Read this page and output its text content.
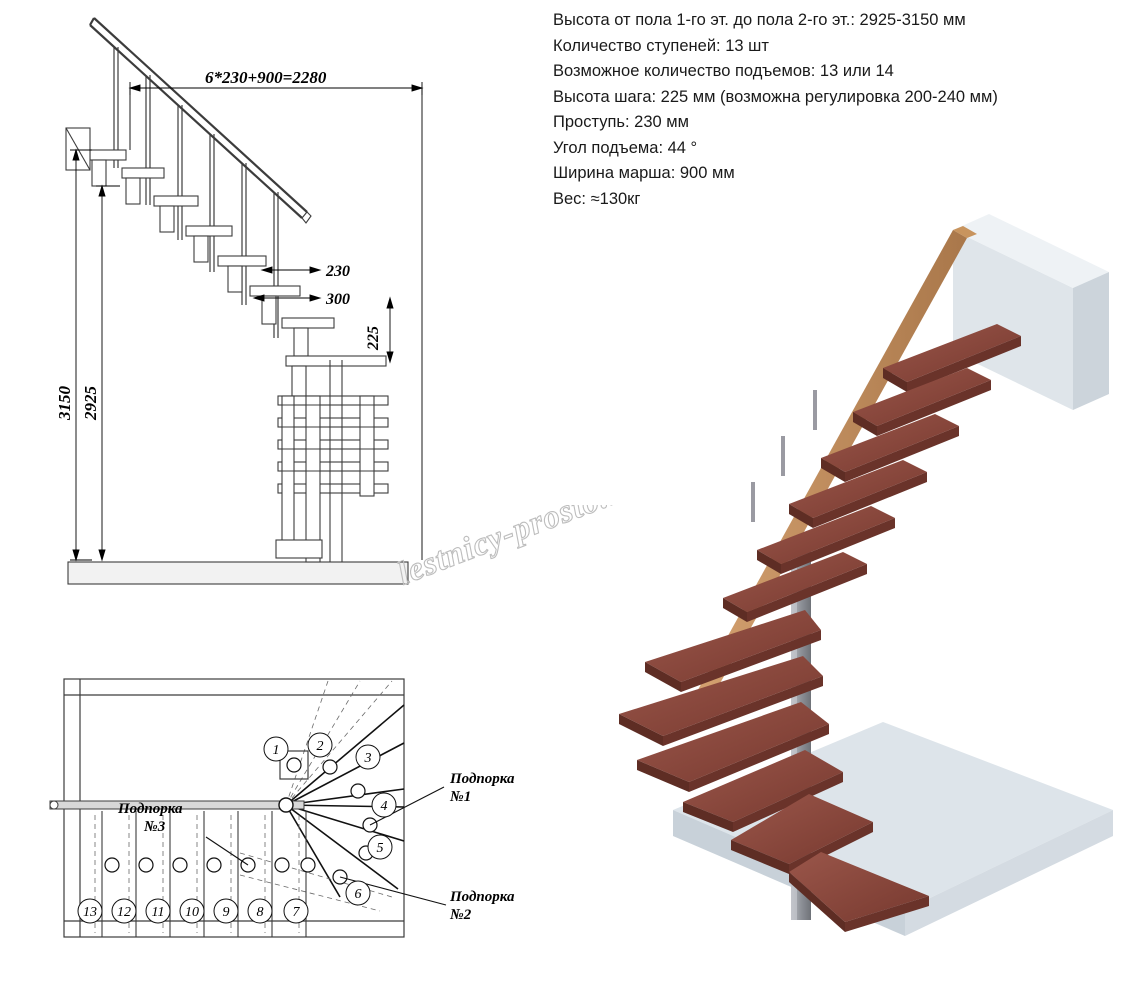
Высота от пола 1-го эт. до пола 2-го эт.: 2925-3150 мм
Количество ступеней: 13 шт
Возможное количество подъемов: 13 или 14
Высота шага: 225 мм (возможна регулировка 200-240 мм)
Проступь: 230 мм
Угол подъема: 44 °
Ширина марша: 900 мм
Вес: ≈130кг
6*230+900=2280
230
300
225
3150 2925
1	2
3
4
5
6
13 12 11 10 9 8 7
Подпорка
№1
Подпорка
№2
Подпорка
№3
lestnicy-prosto.ru
